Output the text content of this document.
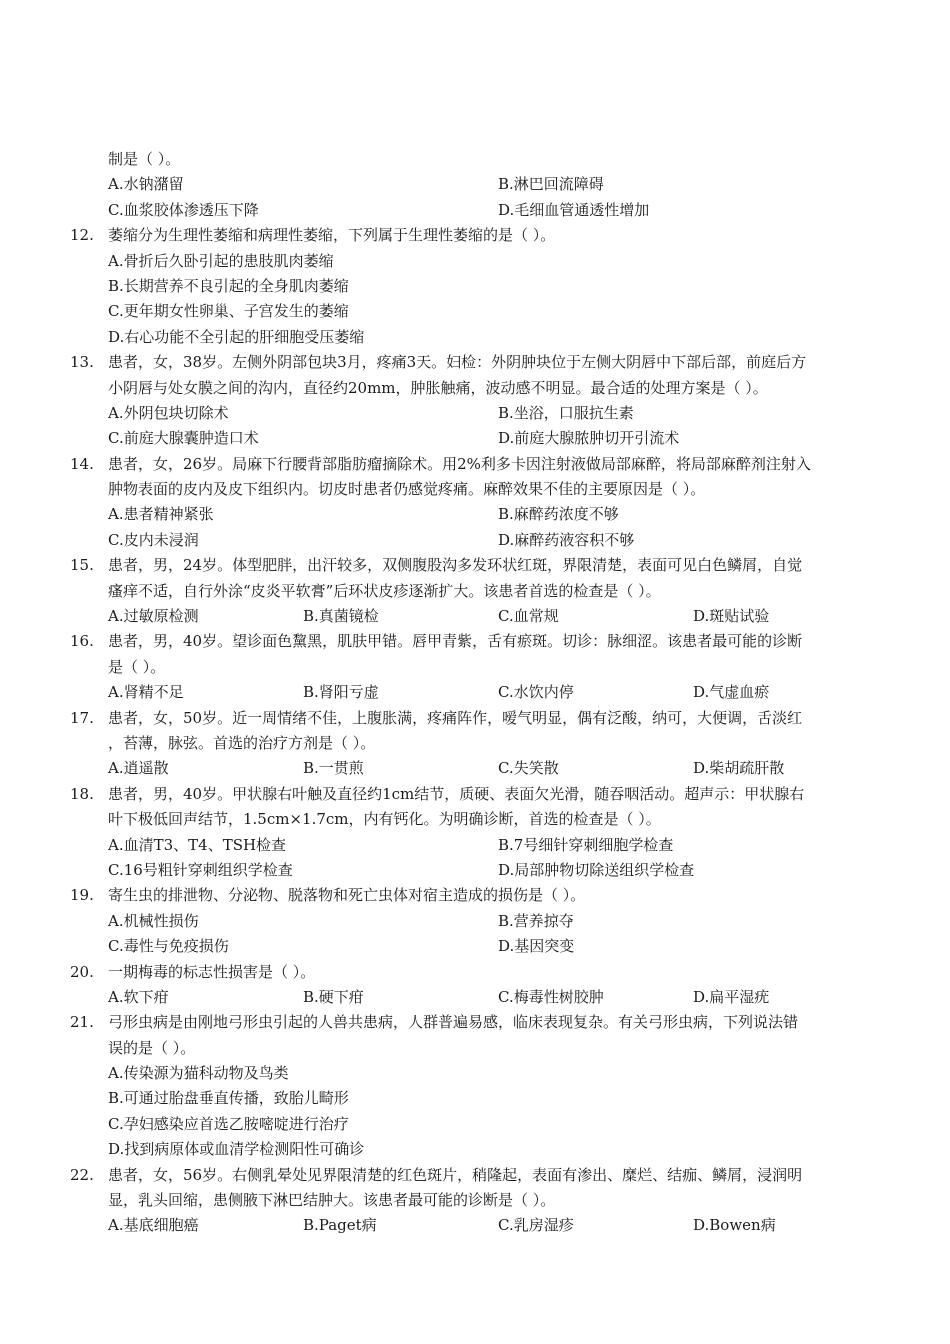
制是（ ）。
A.水钠潴留	B.淋巴回流障碍
C.血浆胶体渗透压下降	D.毛细血管通透性增加
12. 萎缩分为生理性萎缩和病理性萎缩，下列属于生理性萎缩的是（ ）。
A.骨折后久卧引起的患肢肌肉萎缩
B.长期营养不良引起的全身肌肉萎缩
C.更年期女性卵巢、子宫发生的萎缩
D.右心功能不全引起的肝细胞受压萎缩
13. 患者，女，38岁。左侧外阴部包块3月，疼痛3天。妇检：外阴肿块位于左侧大阴唇中下部后部，前庭后方
小阴唇与处女膜之间的沟内，直径约20mm，肿胀触痛，波动感不明显。最合适的处理方案是（ ）。
A.外阴包块切除术	B.坐浴，口服抗生素
C.前庭大腺囊肿造口术	D.前庭大腺脓肿切开引流术
14. 患者，女，26岁。局麻下行腰背部脂肪瘤摘除术。用2%利多卡因注射液做局部麻醉，将局部麻醉剂注射入
肿物表面的皮内及皮下组织内。切皮时患者仍感觉疼痛。麻醉效果不佳的主要原因是（ ）。
A.患者精神紧张	B.麻醉药浓度不够
C.皮内未浸润	D.麻醉药液容积不够
15. 患者，男，24岁。体型肥胖，出汗较多，双侧腹股沟多发环状红斑，界限清楚，表面可见白色鳞屑，自觉
瘙痒不适，自行外涂“皮炎平软膏”后环状皮疹逐渐扩大。该患者首选的检查是（ ）。
A.过敏原检测	B.真菌镜检	C.血常规	D.斑贴试验
16. 患者，男，40岁。望诊面色黧黑，肌肤甲错。唇甲青紫，舌有瘀斑。切诊：脉细涩。该患者最可能的诊断
是（ ）。
A.肾精不足	B.肾阳亏虚	C.水饮内停	D.气虚血瘀
17. 患者，女，50岁。近一周情绪不佳，上腹胀满，疼痛阵作，嗳气明显，偶有泛酸，纳可，大便调，舌淡红
，苔薄，脉弦。首选的治疗方剂是（ ）。
A.逍遥散	B.一贯煎	C.失笑散	D.柴胡疏肝散
18. 患者，男，40岁。甲状腺右叶触及直径约1cm结节，质硬、表面欠光滑，随吞咽活动。超声示：甲状腺右
叶下极低回声结节，1.5cm×1.7cm，内有钙化。为明确诊断，首选的检查是（ ）。
A.血清T3、T4、TSH检查	B.7号细针穿刺细胞学检查
C.16号粗针穿刺组织学检查	D.局部肿物切除送组织学检查
19. 寄生虫的排泄物、分泌物、脱落物和死亡虫体对宿主造成的损伤是（ ）。
A.机械性损伤	B.营养掠夺
C.毒性与免疫损伤	D.基因突变
20. 一期梅毒的标志性损害是（ ）。
A.软下疳	B.硬下疳	C.梅毒性树胶肿	D.扁平湿疣
21. 弓形虫病是由刚地弓形虫引起的人兽共患病，人群普遍易感，临床表现复杂。有关弓形虫病，下列说法错
误的是（ ）。
A.传染源为猫科动物及鸟类
B.可通过胎盘垂直传播，致胎儿畸形
C.孕妇感染应首选乙胺嘧啶进行治疗
D.找到病原体或血清学检测阳性可确诊
22. 患者，女，56岁。右侧乳晕处见界限清楚的红色斑片，稍隆起，表面有渗出、糜烂、结痂、鳞屑，浸润明
显，乳头回缩，患侧腋下淋巴结肿大。该患者最可能的诊断是（ ）。
A.基底细胞癌	B.Paget病	C.乳房湿疹	D.Bowen病
